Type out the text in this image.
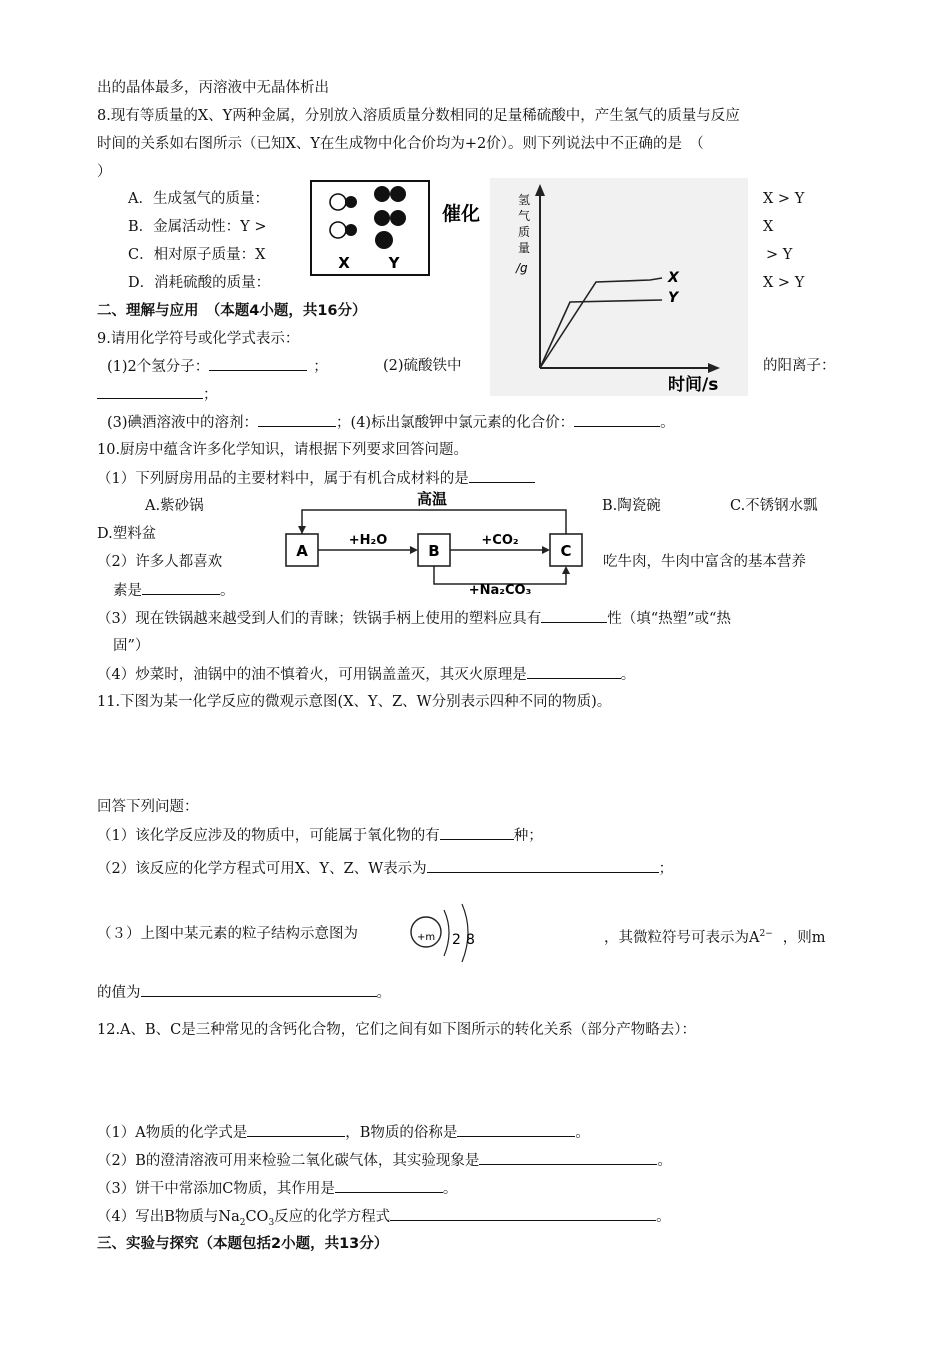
出的晶体最多，丙溶液中无晶体析出
8.现有等质量的X、Y两种金属，分别放入溶质质量分数相同的足量稀硫酸中，产生氢气的质量与反应
时间的关系如右图所示（已知X、Y在生成物中化合价均为+2价）。则下列说法中不正确的是　（
）
A．生成氢气的质量：	X > Y
B．金属活动性：Y >	X
C．相对原子质量：X	> Y
D．消耗硫酸的质量：	X > Y
X	Y
催化
氢
气
质
量
/g
X
Y
时间/s
二、理解与应用　（本题4小题，共16分）
9.请用化学符号或化学式表示：
(1)2个氢分子：	；	(2)硫酸铁中	的阳离子：
；
(3)碘酒溶液中的溶剂：	；(4)标出氯酸钾中氯元素的化合价：	。
10.厨房中蕴含许多化学知识，请根据下列要求回答问题。
（1）下列厨房用品的主要材料中，属于有机合成材料的是
A.紫砂锅	B.陶瓷碗	C.不锈钢水瓢
D.塑料盆
高温
A	B	C
+H₂O	+CO₂
+Na₂CO₃
（2）许多人都喜欢	吃牛肉，牛肉中富含的基本营养
素是	。
（3）现在铁锅越来越受到人们的青睐；铁锅手柄上使用的塑料应具有	性（填“热塑”或“热
固”）
（4）炒菜时，油锅中的油不慎着火，可用锅盖盖灭，其灭火原理是	。
11.下图为某一化学反应的微观示意图(X、Y、Z、W分别表示四种不同的物质)。
回答下列问题：
（1）该化学反应涉及的物质中，可能属于氧化物的有	种；
（2）该反应的化学方程式可用X、Y、Z、W表示为	；
（３）上图中某元素的粒子结构示意图为	+m 2 8	，其微粒符号可表示为$A^{2-}$ ，则m
的值为	。
12.A、B、C是三种常见的含钙化合物，它们之间有如下图所示的转化关系（部分产物略去）：
（1）A物质的化学式是	，B物质的俗称是	。
（2）B的澄清溶液可用来检验二氧化碳气体，其实验现象是	。
（3）饼干中常添加C物质，其作用是	。
（4）写出B物质与$Na_2CO_3$反应的化学方程式	。
三、实验与探究（本题包括2小题，共13分）
